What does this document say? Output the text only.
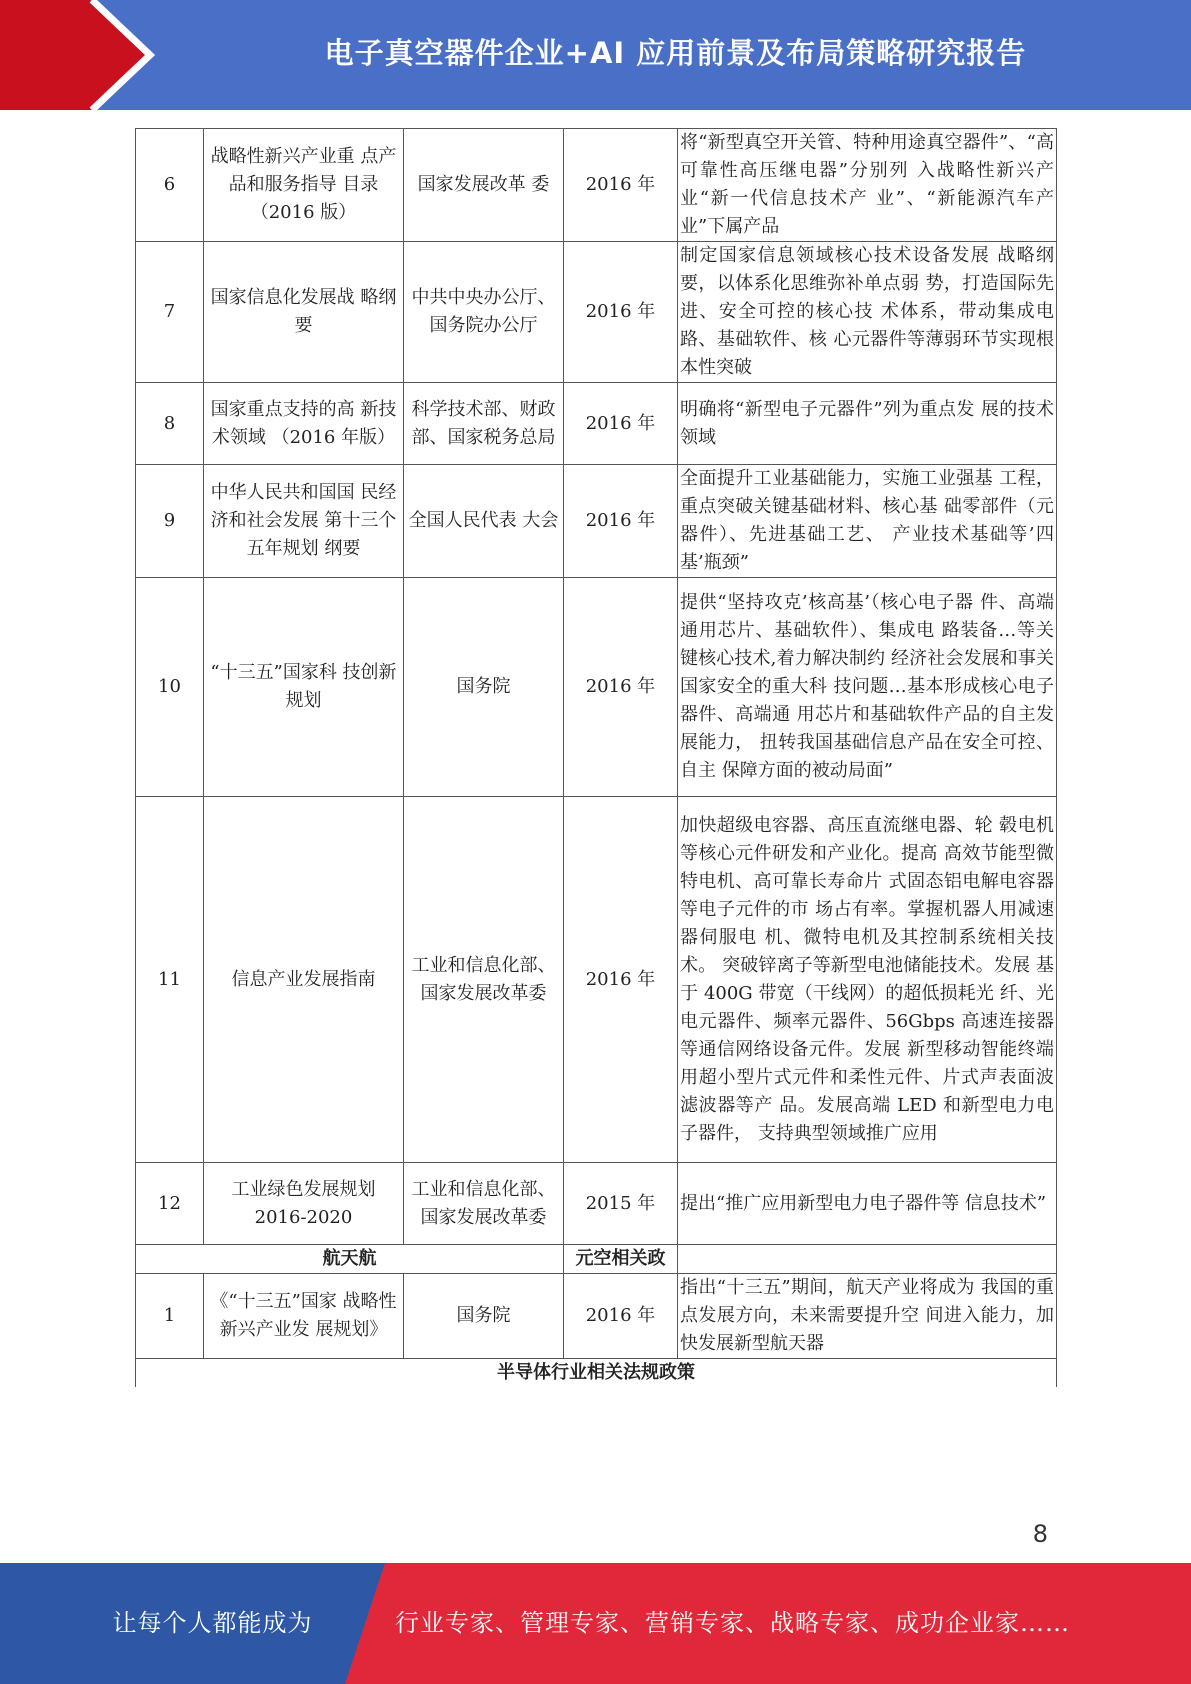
电子真空器件企业+AI 应用前景及布局策略研究报告
6	战略性新兴产业重 点产品和服务指导 目录（2016 版）	国家发展改革 委	2016 年	将“新型真空开关管、特种用途真空器件”、“高可靠性高压继电器”分别列 入战略性新兴产业“新一代信息技术产 业”、“新能源汽车产业”下属产品
7	国家信息化发展战 略纲要	中共中央办公厅、国务院办公厅	2016 年	制定国家信息领域核心技术设备发展 战略纲要，以体系化思维弥补单点弱 势，打造国际先进、安全可控的核心技 术体系，带动集成电路、基础软件、核 心元器件等薄弱环节实现根本性突破
8	国家重点支持的高 新技术领域 （2016 年版）	科学技术部、财政部、国家税务总局	2016 年	明确将“新型电子元器件”列为重点发 展的技术领域
9	中华人民共和国国 民经济和社会发展 第十三个五年规划 纲要	全国人民代表 大会	2016 年	全面提升工业基础能力，实施工业强基 工程，重点突破关键基础材料、核心基 础零部件（元器件）、先进基础工艺、 产业技术基础等’四基’瓶颈”
10	“十三五”国家科 技创新规划	国务院	2016 年	提供“坚持攻克’核高基’（核心电子器 件、高端通用芯片、基础软件）、集成电 路装备…等关键核心技术,着力解决制约 经济社会发展和事关国家安全的重大科 技问题…基本形成核心电子器件、高端通 用芯片和基础软件产品的自主发展能力， 扭转我国基础信息产品在安全可控、自主 保障方面的被动局面”
11	信息产业发展指南	工业和信息化部、国家发展改革委	2016 年	加快超级电容器、高压直流继电器、轮 毂电机等核心元件研发和产业化。提高 高效节能型微特电机、高可靠长寿命片 式固态铝电解电容器等电子元件的市 场占有率。掌握机器人用减速器伺服电 机、微特电机及其控制系统相关技术。 突破锌离子等新型电池储能技术。发展 基于 400G 带宽（干线网）的超低损耗光 纤、光电元器件、频率元器件、56Gbps 高速连接器等通信网络设备元件。发展 新型移动智能终端用超小型片式元件和柔性元件、片式声表面波滤波器等产 品。发展高端 LED 和新型电力电子器件， 支持典型领域推广应用
12	工业绿色发展规划 2016-2020	工业和信息化部、国家发展改革委	2015 年	提出“推广应用新型电力电子器件等 信息技术”
航天航			元空相关政	
1	《“十三五”国家 战略性新兴产业发 展规划》	国务院	2016 年	指出“十三五”期间，航天产业将成为 我国的重点发展方向，未来需要提升空 间进入能力，加快发展新型航天器
半导体行业相关法规政策				
8
让每个人都能成为	行业专家、管理专家、营销专家、战略专家、成功企业家……
